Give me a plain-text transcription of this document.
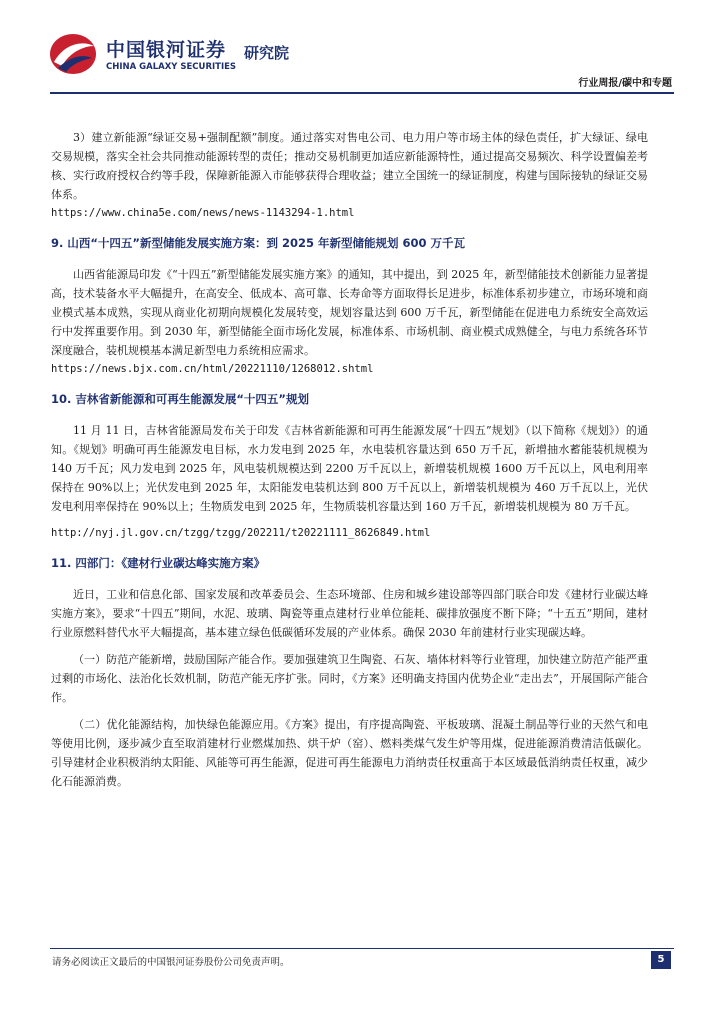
中国银河证券
CHINA GALAXY SECURITIES
研究院
行业周报/碳中和专题

3）建立新能源“绿证交易+强制配额”制度。通过落实对售电公司、电力用户等市场主体的绿色责任，扩大绿证、绿电交易规模，落实全社会共同推动能源转型的责任；推动交易机制更加适应新能源特性，通过提高交易频次、科学设置偏差考核、实行政府授权合约等手段，保障新能源入市能够获得合理收益；建立全国统一的绿证制度，构建与国际接轨的绿证交易体系。

https://www.china5e.com/news/news-1143294-1.html

9. 山西“十四五”新型储能发展实施方案：到 2025 年新型储能规划 600 万千瓦

山西省能源局印发《“十四五”新型储能发展实施方案》的通知，其中提出，到 2025 年，新型储能技术创新能力显著提高，技术装备水平大幅提升，在高安全、低成本、高可靠、长寿命等方面取得长足进步，标准体系初步建立，市场环境和商业模式基本成熟，实现从商业化初期向规模化发展转变，规划容量达到 600 万千瓦，新型储能在促进电力系统安全高效运行中发挥重要作用。到 2030 年，新型储能全面市场化发展，标准体系、市场机制、商业模式成熟健全，与电力系统各环节深度融合，装机规模基本满足新型电力系统相应需求。

https://news.bjx.com.cn/html/20221110/1268012.shtml

10. 吉林省新能源和可再生能源发展“十四五”规划

11 月 11 日，吉林省能源局发布关于印发《吉林省新能源和可再生能源发展“十四五”规划》（以下简称《规划》）的通知。《规划》明确可再生能源发电目标，水力发电到 2025 年，水电装机容量达到 650 万千瓦，新增抽水蓄能装机规模为 140 万千瓦；风力发电到 2025 年，风电装机规模达到 2200 万千瓦以上，新增装机规模 1600 万千瓦以上，风电利用率保持在 90%以上；光伏发电到 2025 年，太阳能发电装机达到 800 万千瓦以上，新增装机规模为 460 万千瓦以上，光伏发电利用率保持在 90%以上；生物质发电到 2025 年，生物质装机容量达到 160 万千瓦，新增装机规模为 80 万千瓦。

http://nyj.jl.gov.cn/tzgg/tzgg/202211/t20221111_8626849.html

11. 四部门：《建材行业碳达峰实施方案》

近日，工业和信息化部、国家发展和改革委员会、生态环境部、住房和城乡建设部等四部门联合印发《建材行业碳达峰实施方案》，要求“十四五”期间，水泥、玻璃、陶瓷等重点建材行业单位能耗、碳排放强度不断下降；“十五五”期间，建材行业原燃料替代水平大幅提高，基本建立绿色低碳循环发展的产业体系。确保 2030 年前建材行业实现碳达峰。

（一）防范产能新增，鼓励国际产能合作。要加强建筑卫生陶瓷、石灰、墙体材料等行业管理，加快建立防范产能严重过剩的市场化、法治化长效机制，防范产能无序扩张。同时，《方案》还明确支持国内优势企业“走出去”，开展国际产能合作。

（二）优化能源结构，加快绿色能源应用。《方案》提出，有序提高陶瓷、平板玻璃、混凝土制品等行业的天然气和电等使用比例，逐步减少直至取消建材行业燃煤加热、烘干炉（窑）、燃料类煤气发生炉等用煤，促进能源消费清洁低碳化。引导建材企业积极消纳太阳能、风能等可再生能源，促进可再生能源电力消纳责任权重高于本区域最低消纳责任权重，减少化石能源消费。

请务必阅读正文最后的中国银河证券股份公司免责声明。	5
